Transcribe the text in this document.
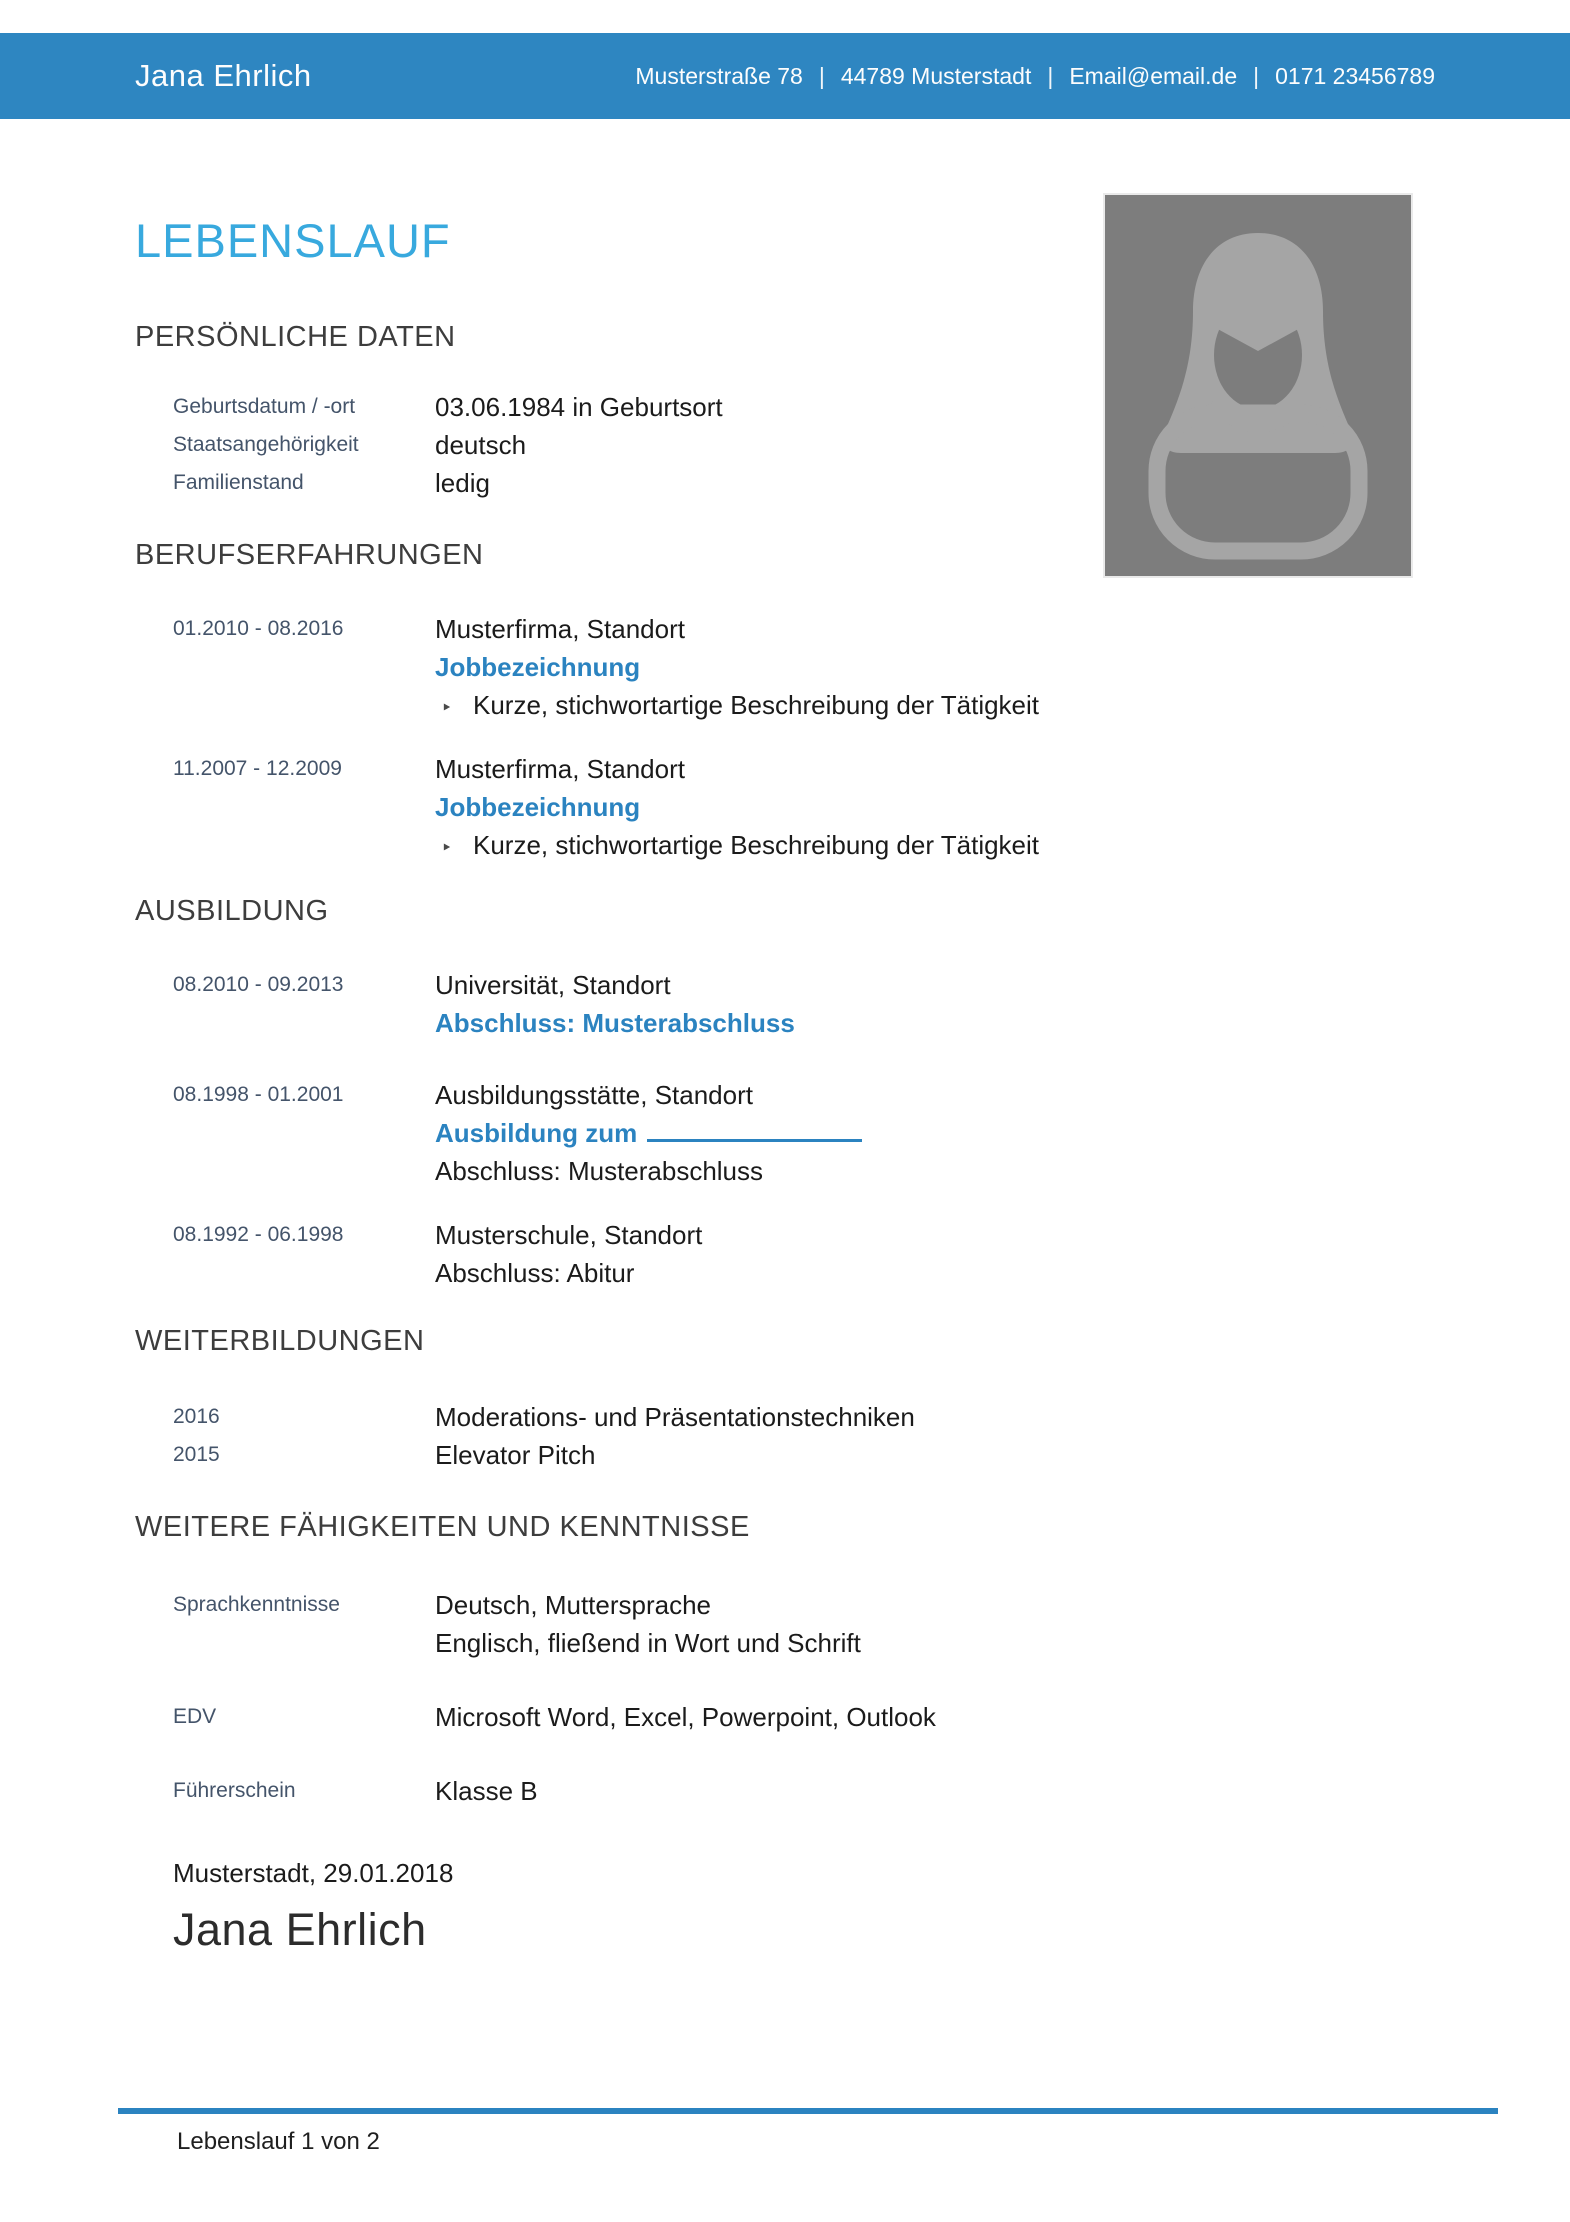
Jana Ehrlich	Musterstraße 78 | 44789 Musterstadt | Email@email.de | 0171 23456789
LEBENSLAUF
PERSÖNLICHE DATEN
Geburtsdatum / -ort	03.06.1984 in Geburtsort
Staatsangehörigkeit	deutsch
Familienstand	ledig
BERUFSERFAHRUNGEN
01.2010 - 08.2016	Musterfirma, Standort
Jobbezeichnung
‣ Kurze, stichwortartige Beschreibung der Tätigkeit
11.2007 - 12.2009	Musterfirma, Standort
Jobbezeichnung
‣ Kurze, stichwortartige Beschreibung der Tätigkeit
AUSBILDUNG
08.2010 - 09.2013	Universität, Standort
Abschluss: Musterabschluss
08.1998 - 01.2001	Ausbildungsstätte, Standort
Ausbildung zum
Abschluss: Musterabschluss
08.1992 - 06.1998	Musterschule, Standort
Abschluss: Abitur
WEITERBILDUNGEN
2016	Moderations- und Präsentationstechniken
2015	Elevator Pitch
WEITERE FÄHIGKEITEN UND KENNTNISSE
Sprachkenntnisse	Deutsch, Muttersprache
Englisch, fließend in Wort und Schrift
EDV	Microsoft Word, Excel, Powerpoint, Outlook
Führerschein	Klasse B
Musterstadt, 29.01.2018
Jana Ehrlich
Lebenslauf 1 von 2
